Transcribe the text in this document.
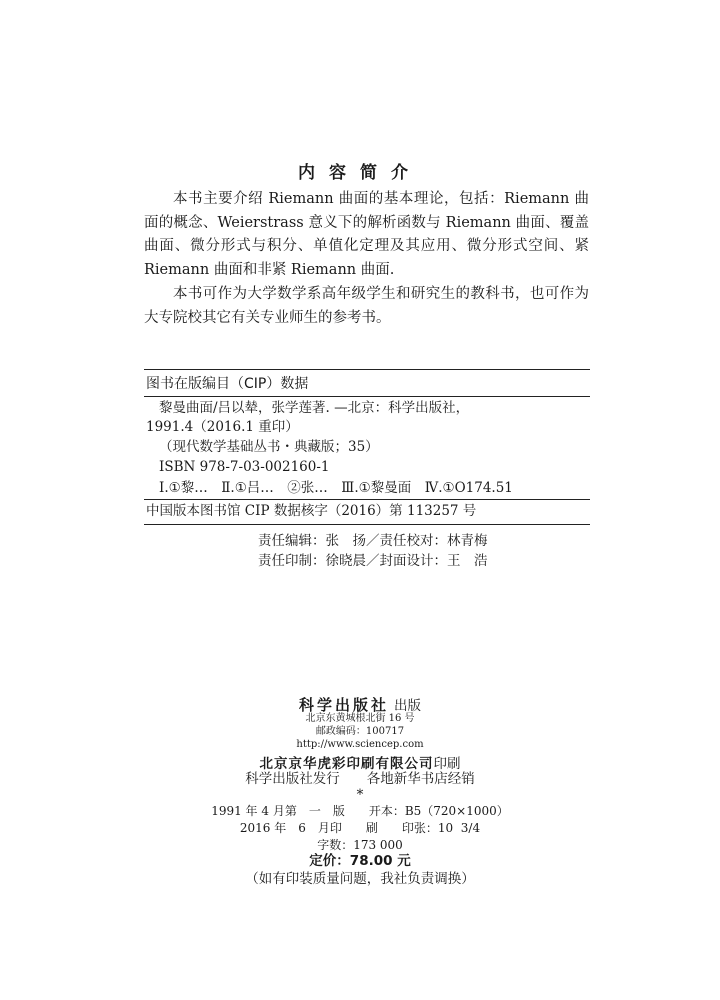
内容简介

本书主要介绍 Riemann 曲面的基本理论，包括：Riemann 曲面的概念、Weierstrass 意义下的解析函数与 Riemann 曲面、覆盖曲面、微分形式与积分、单值化定理及其应用、微分形式空间、紧 Riemann 曲面和非紧 Riemann 曲面.

本书可作为大学数学系高年级学生和研究生的教科书，也可作为大专院校其它有关专业师生的参考书。

图书在版编目（CIP）数据
黎曼曲面/吕以辇，张学莲著. —北京：科学出版社，
1991.4（2016.1 重印）
（现代数学基础丛书・典藏版；35）
ISBN 978-7-03-002160-1
Ⅰ.①黎…　Ⅱ.①吕…　②张…　Ⅲ.①黎曼面　Ⅳ.①O174.51
中国版本图书馆 CIP 数据核字（2016）第 113257 号
责任编辑：张　扬／责任校对：林青梅
责任印制：徐晓晨／封面设计：王　浩
科学出版社 出版
北京东黄城根北街 16 号
邮政编码：100717
http://www.sciencep.com
北京京华虎彩印刷有限公司印刷
科学出版社发行　　各地新华书店经销
*
1991 年 4 月第　一　版　　开本：B5（720×1000）
2016 年　6　月印　　刷　　印张：10  3/4
字数：173 000
定价：78.00 元
（如有印装质量问题，我社负责调换）
